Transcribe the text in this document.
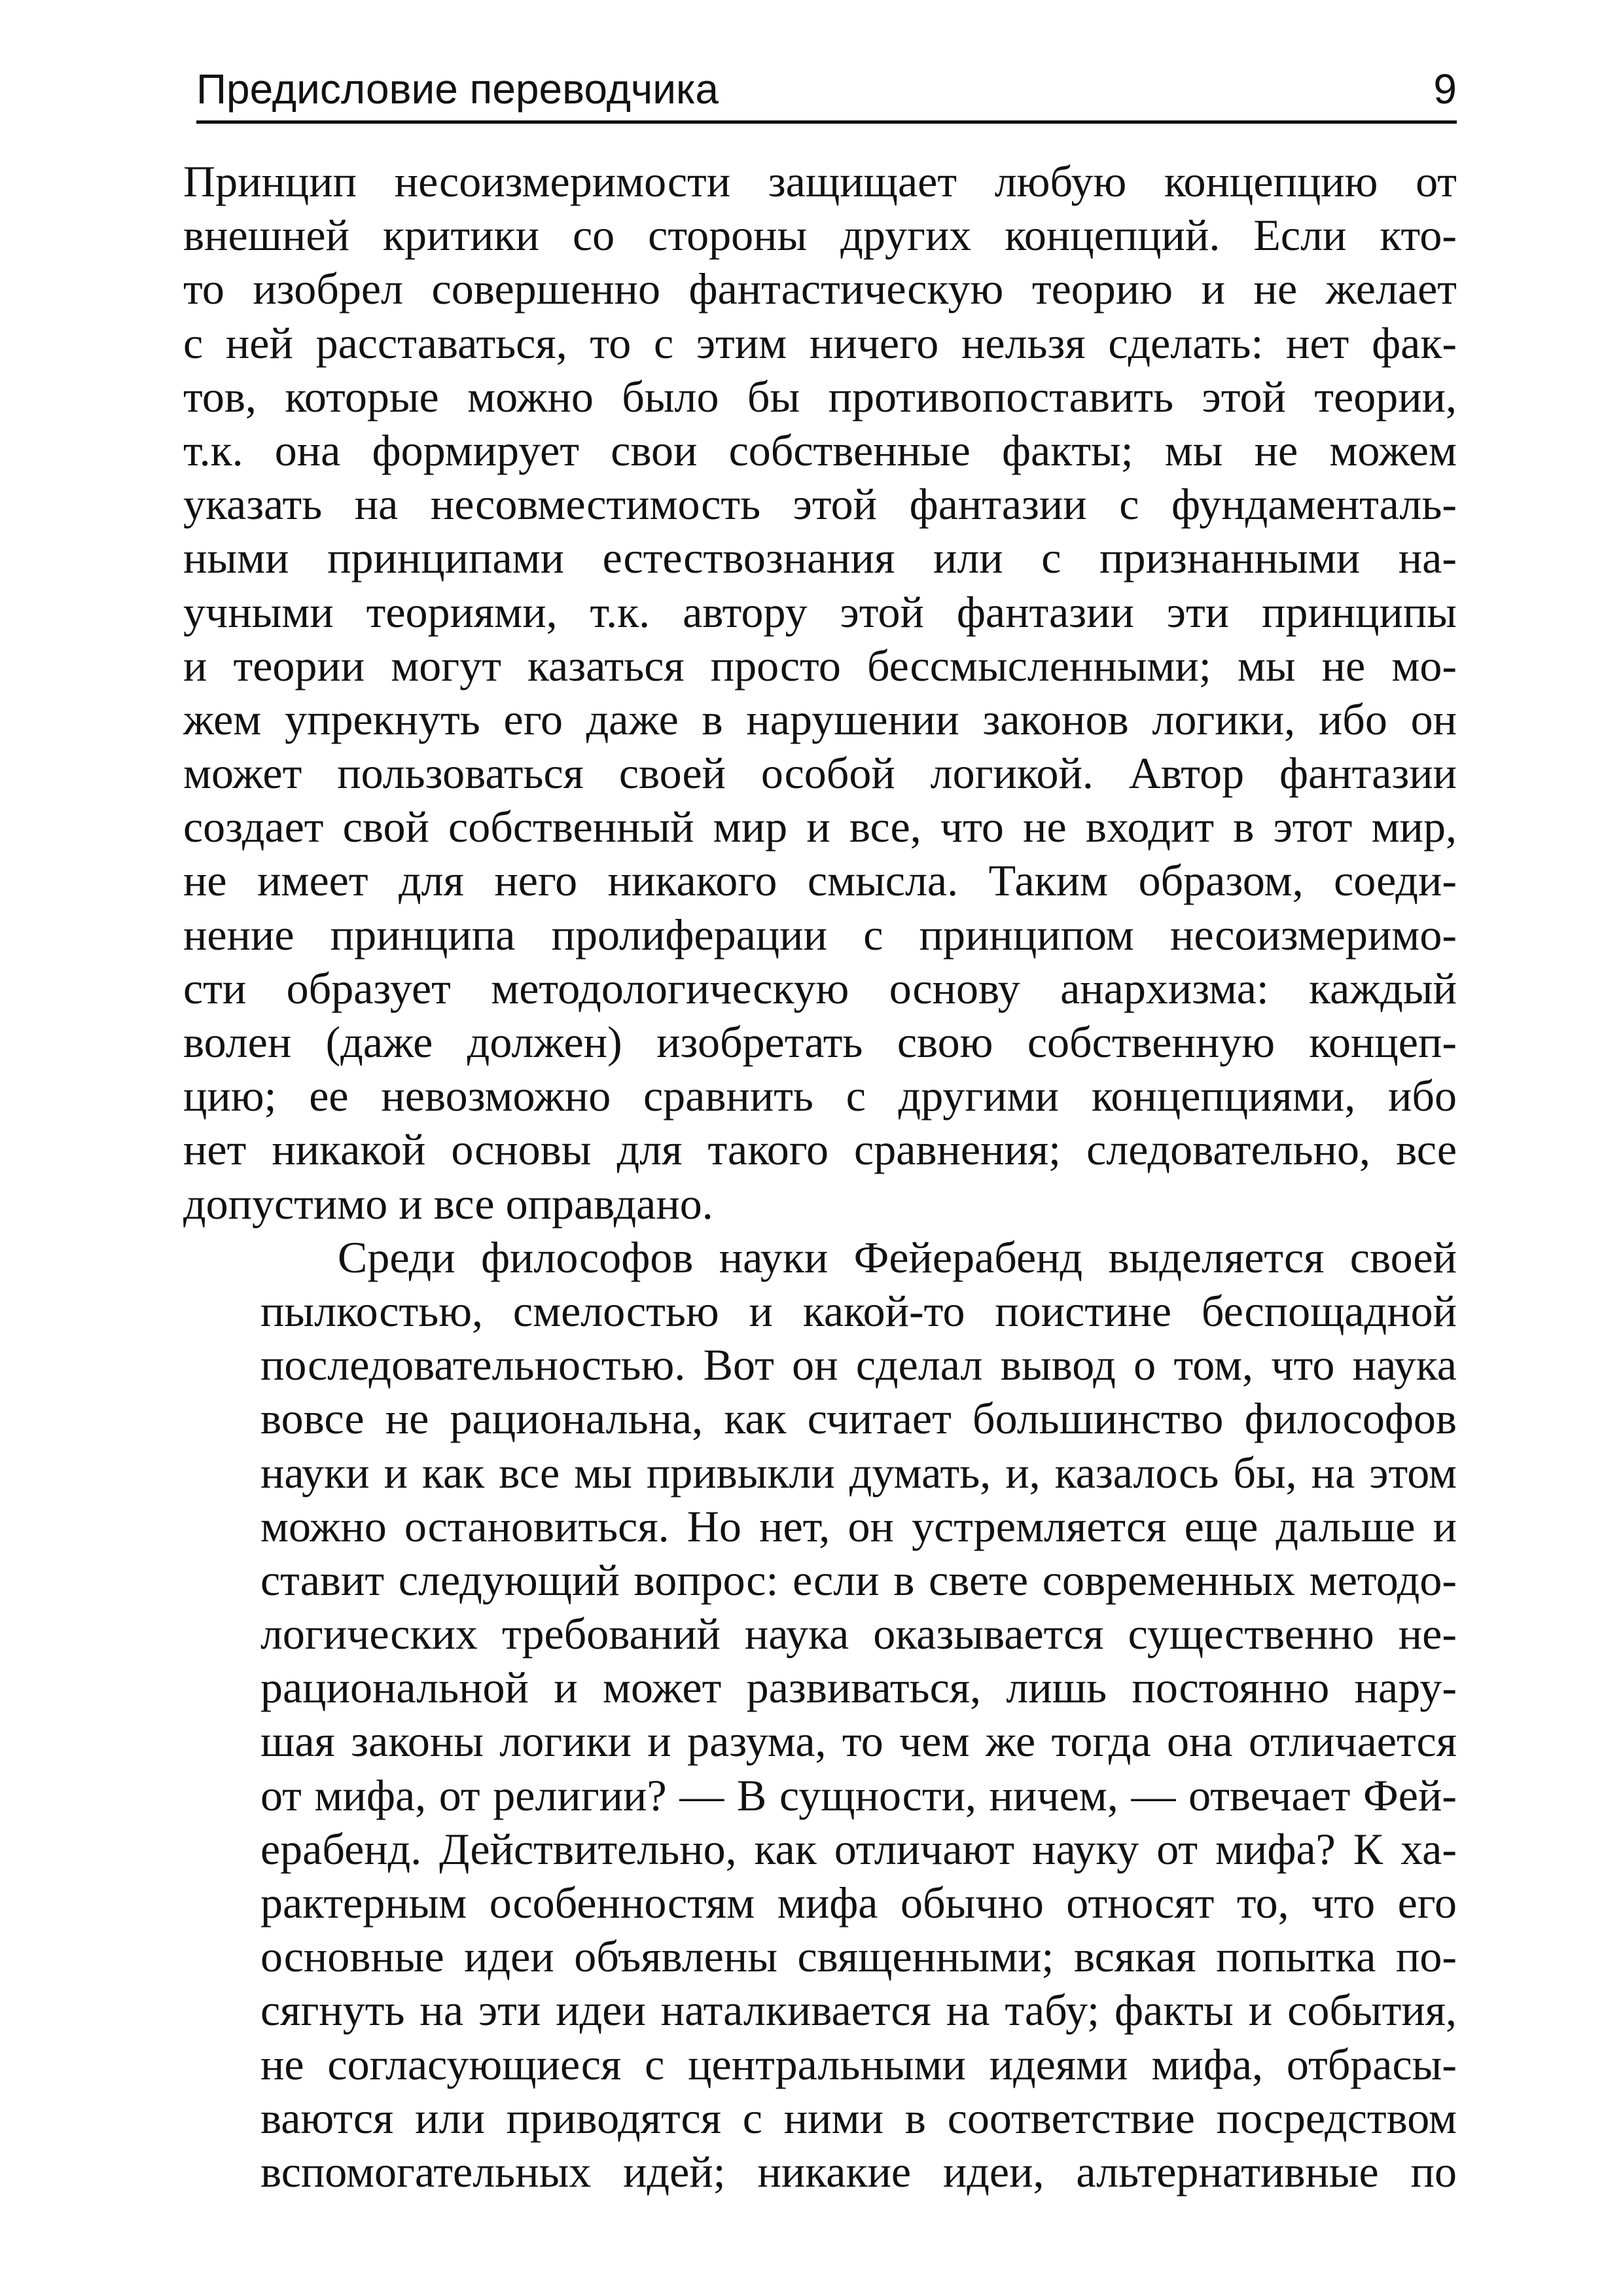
Предисловие переводчика	9
Принцип несоизмеримости защищает любую концепцию от
внешней критики со стороны других концепций. Если кто-
то изобрел совершенно фантастическую теорию и не желает
с ней расставаться, то с этим ничего нельзя сделать: нет фак-
тов, которые можно было бы противопоставить этой теории,
т.к. она формирует свои собственные факты; мы не можем
указать на несовместимость этой фантазии с фундаменталь-
ными принципами естествознания или с признанными на-
учными теориями, т.к. автору этой фантазии эти принципы
и теории могут казаться просто бессмысленными; мы не мо-
жем упрекнуть его даже в нарушении законов логики, ибо он
может пользоваться своей особой логикой. Автор фантазии
создает свой собственный мир и все, что не входит в этот мир,
не имеет для него никакого смысла. Таким образом, соеди-
нение принципа пролиферации с принципом несоизмеримо-
сти образует методологическую основу анархизма: каждый
волен (даже должен) изобретать свою собственную концеп-
цию; ее невозможно сравнить с другими концепциями, ибо
нет никакой основы для такого сравнения; следовательно, все
допустимо и все оправдано.
Среди философов науки Фейерабенд выделяется своей
пылкостью, смелостью и какой-то поистине беспощадной
последовательностью. Вот он сделал вывод о том, что наука
вовсе не рациональна, как считает большинство философов
науки и как все мы привыкли думать, и, казалось бы, на этом
можно остановиться. Но нет, он устремляется еще дальше и
ставит следующий вопрос: если в свете современных методо-
логических требований наука оказывается существенно не-
рациональной и может развиваться, лишь постоянно нару-
шая законы логики и разума, то чем же тогда она отличается
от мифа, от религии? — В сущности, ничем, — отвечает Фей-
ерабенд. Действительно, как отличают науку от мифа? К ха-
рактерным особенностям мифа обычно относят то, что его
основные идеи объявлены священными; всякая попытка по-
сягнуть на эти идеи наталкивается на табу; факты и события,
не согласующиеся с центральными идеями мифа, отбрасы-
ваются или приводятся с ними в соответствие посредством
вспомогательных идей; никакие идеи, альтернативные по
